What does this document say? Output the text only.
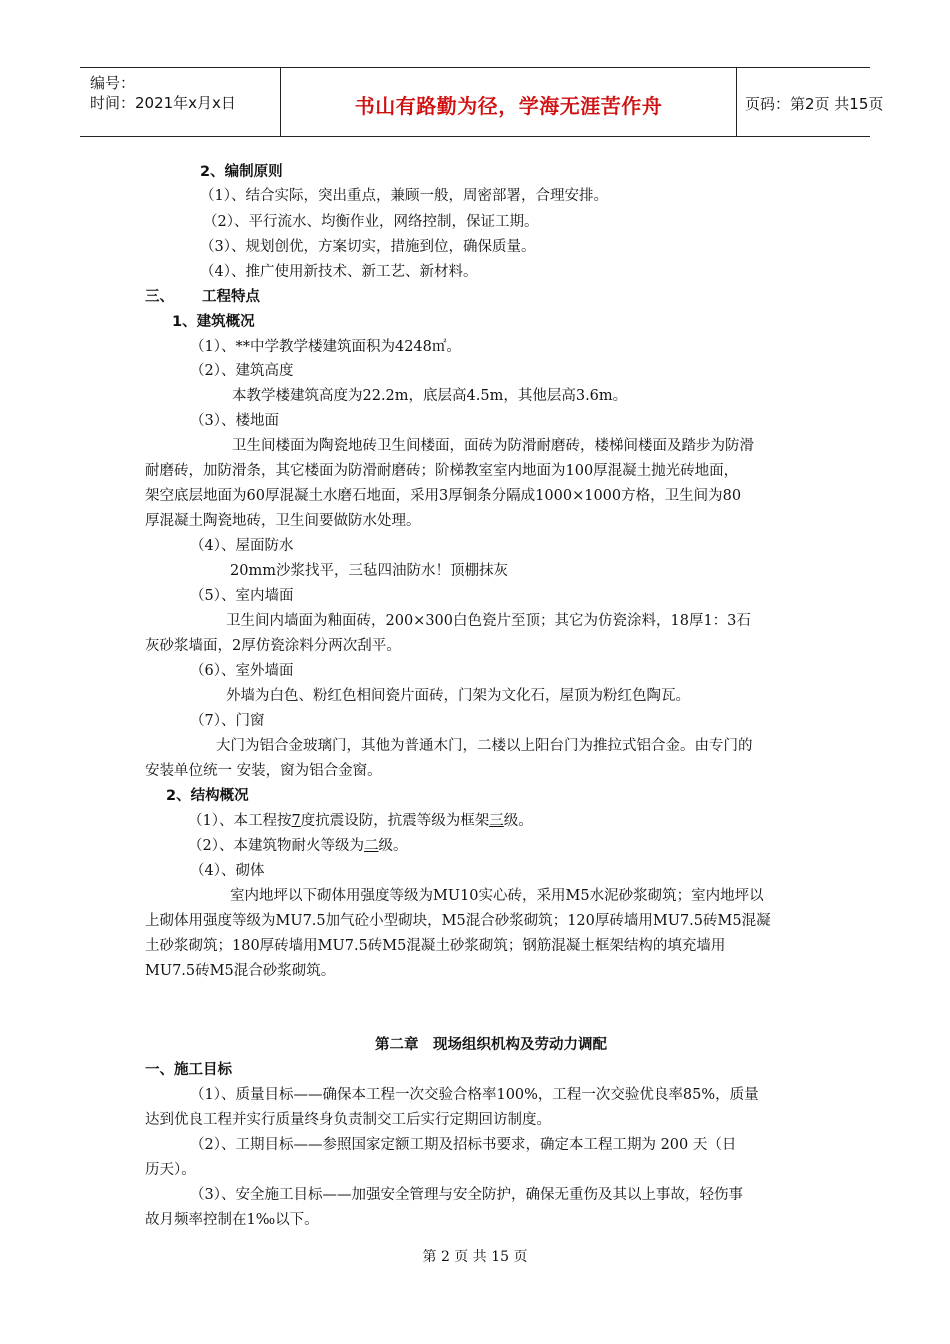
编号：
时间：2021年x月x日	书山有路勤为径，学海无涯苦作舟	页码：第2页 共15页
2、编制原则
（1）、结合实际，突出重点，兼顾一般，周密部署，合理安排。
（2）、平行流水、均衡作业，网络控制，保证工期。
（3）、规划创优，方案切实，措施到位，确保质量。
（4）、推广使用新技术、新工艺、新材料。
三、 工程特点
1、建筑概况
（1）、**中学教学楼建筑面积为4248㎡。
（2）、建筑高度
本教学楼建筑高度为22.2m，底层高4.5m，其他层高3.6m。
（3）、楼地面
卫生间楼面为陶瓷地砖卫生间楼面，面砖为防滑耐磨砖，楼梯间楼面及踏步为防滑
耐磨砖，加防滑条，其它楼面为防滑耐磨砖；阶梯教室室内地面为100厚混凝土抛光砖地面，
架空底层地面为60厚混凝土水磨石地面，采用3厚铜条分隔成1000×1000方格，卫生间为80
厚混凝土陶瓷地砖，卫生间要做防水处理。
（4）、屋面防水
20mm沙浆找平，三毡四油防水！顶棚抹灰
（5）、室内墙面
卫生间内墙面为釉面砖，200×300白色瓷片至顶；其它为仿瓷涂料，18厚1：3石
灰砂浆墙面，2厚仿瓷涂料分两次刮平。
（6）、室外墙面
外墙为白色、粉红色相间瓷片面砖，门架为文化石，屋顶为粉红色陶瓦。
（7）、门窗
大门为铝合金玻璃门，其他为普通木门，二楼以上阳台门为推拉式铝合金。由专门的
安装单位统一 安装，窗为铝合金窗。
2、结构概况
（1）、本工程按7度抗震设防，抗震等级为框架三级。
（2）、本建筑物耐火等级为二级。
（4）、砌体
室内地坪以下砌体用强度等级为MU10实心砖，采用M5水泥砂浆砌筑；室内地坪以
上砌体用强度等级为MU7.5加气砼小型砌块，M5混合砂浆砌筑；120厚砖墙用MU7.5砖M5混凝
土砂浆砌筑；180厚砖墙用MU7.5砖M5混凝土砂浆砌筑；钢筋混凝土框架结构的填充墙用
MU7.5砖M5混合砂浆砌筑。
第二章　现场组织机构及劳动力调配
一、施工目标
（1）、质量目标——确保本工程一次交验合格率100%，工程一次交验优良率85%，质量
达到优良工程并实行质量终身负责制交工后实行定期回访制度。
（2）、工期目标——参照国家定额工期及招标书要求，确定本工程工期为 200 天（日
历天）。
（3）、安全施工目标——加强安全管理与安全防护，确保无重伤及其以上事故，轻伤事
故月频率控制在1‰以下。
第 2 页 共 15 页
